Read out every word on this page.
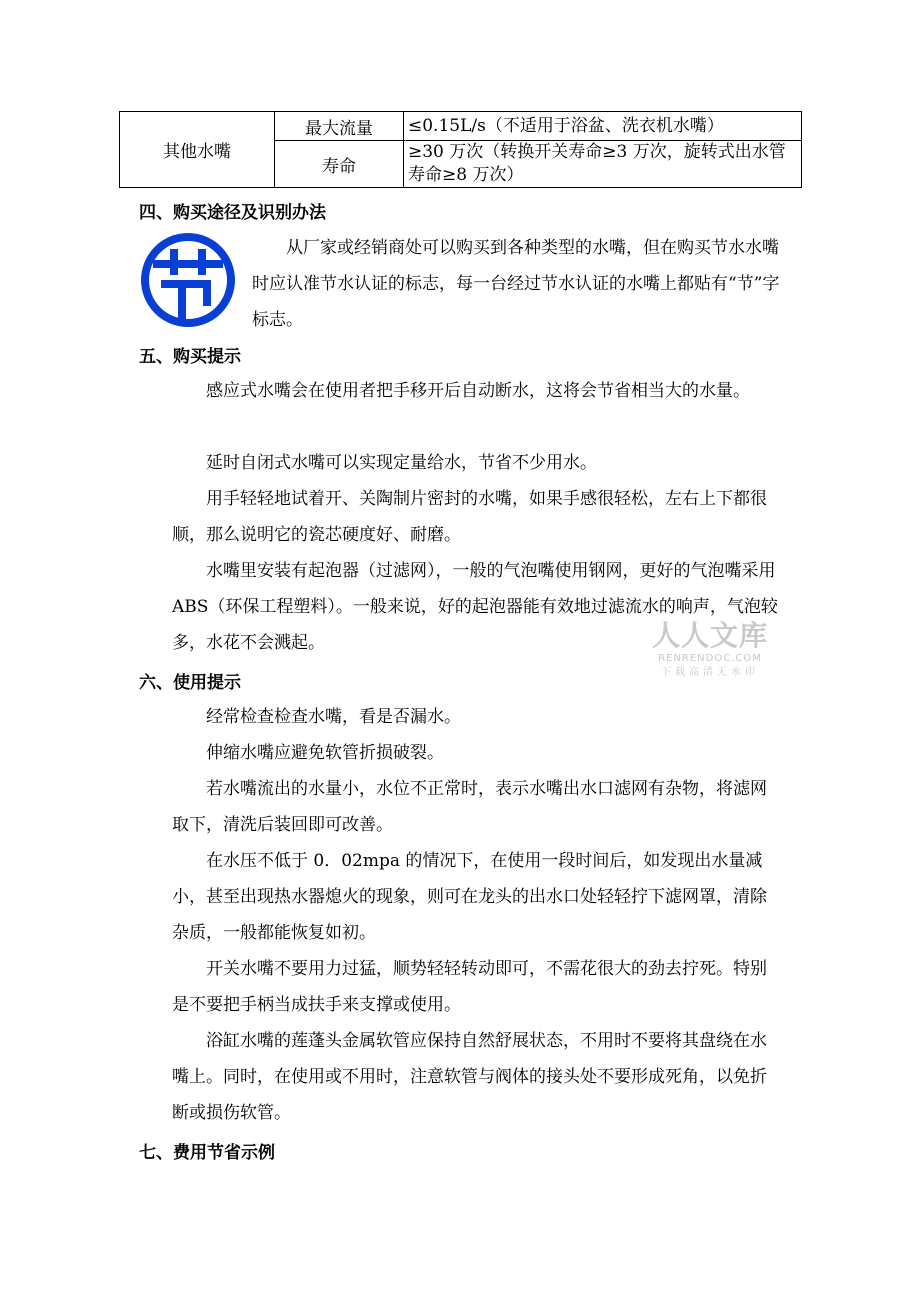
其他水嘴	最大流量	≤0.15L/s（不适用于浴盆、洗衣机水嘴）
	寿命	≥30 万次（转换开关寿命≥3 万次，旋转式出水管寿命≥8 万次）
四、购买途径及识别办法

从厂家或经销商处可以购买到各种类型的水嘴，但在购买节水水嘴时应认准节水认证的标志，每一台经过节水认证的水嘴上都贴有“节”字标志。

五、购买提示

感应式水嘴会在使用者把手移开后自动断水，这将会节省相当大的水量。

延时自闭式水嘴可以实现定量给水，节省不少用水。

用手轻轻地试着开、关陶制片密封的水嘴，如果手感很轻松，左右上下都很顺，那么说明它的瓷芯硬度好、耐磨。

水嘴里安装有起泡器（过滤网），一般的气泡嘴使用钢网，更好的气泡嘴采用 ABS（环保工程塑料）。一般来说，好的起泡器能有效地过滤流水的响声，气泡较多，水花不会溅起。	人人文库
RENRENDOC.COM
下载高清无水印
六、使用提示

经常检查检查水嘴，看是否漏水。

伸缩水嘴应避免软管折损破裂。

若水嘴流出的水量小，水位不正常时，表示水嘴出水口滤网有杂物，将滤网取下，清洗后装回即可改善。

在水压不低于 0．02mpa 的情况下，在使用一段时间后，如发现出水量减小，甚至出现热水器熄火的现象，则可在龙头的出水口处轻轻拧下滤网罩，清除杂质，一般都能恢复如初。

开关水嘴不要用力过猛，顺势轻轻转动即可，不需花很大的劲去拧死。特别是不要把手柄当成扶手来支撑或使用。

浴缸水嘴的莲蓬头金属软管应保持自然舒展状态，不用时不要将其盘绕在水嘴上。同时，在使用或不用时，注意软管与阀体的接头处不要形成死角，以免折断或损伤软管。

七、费用节省示例
